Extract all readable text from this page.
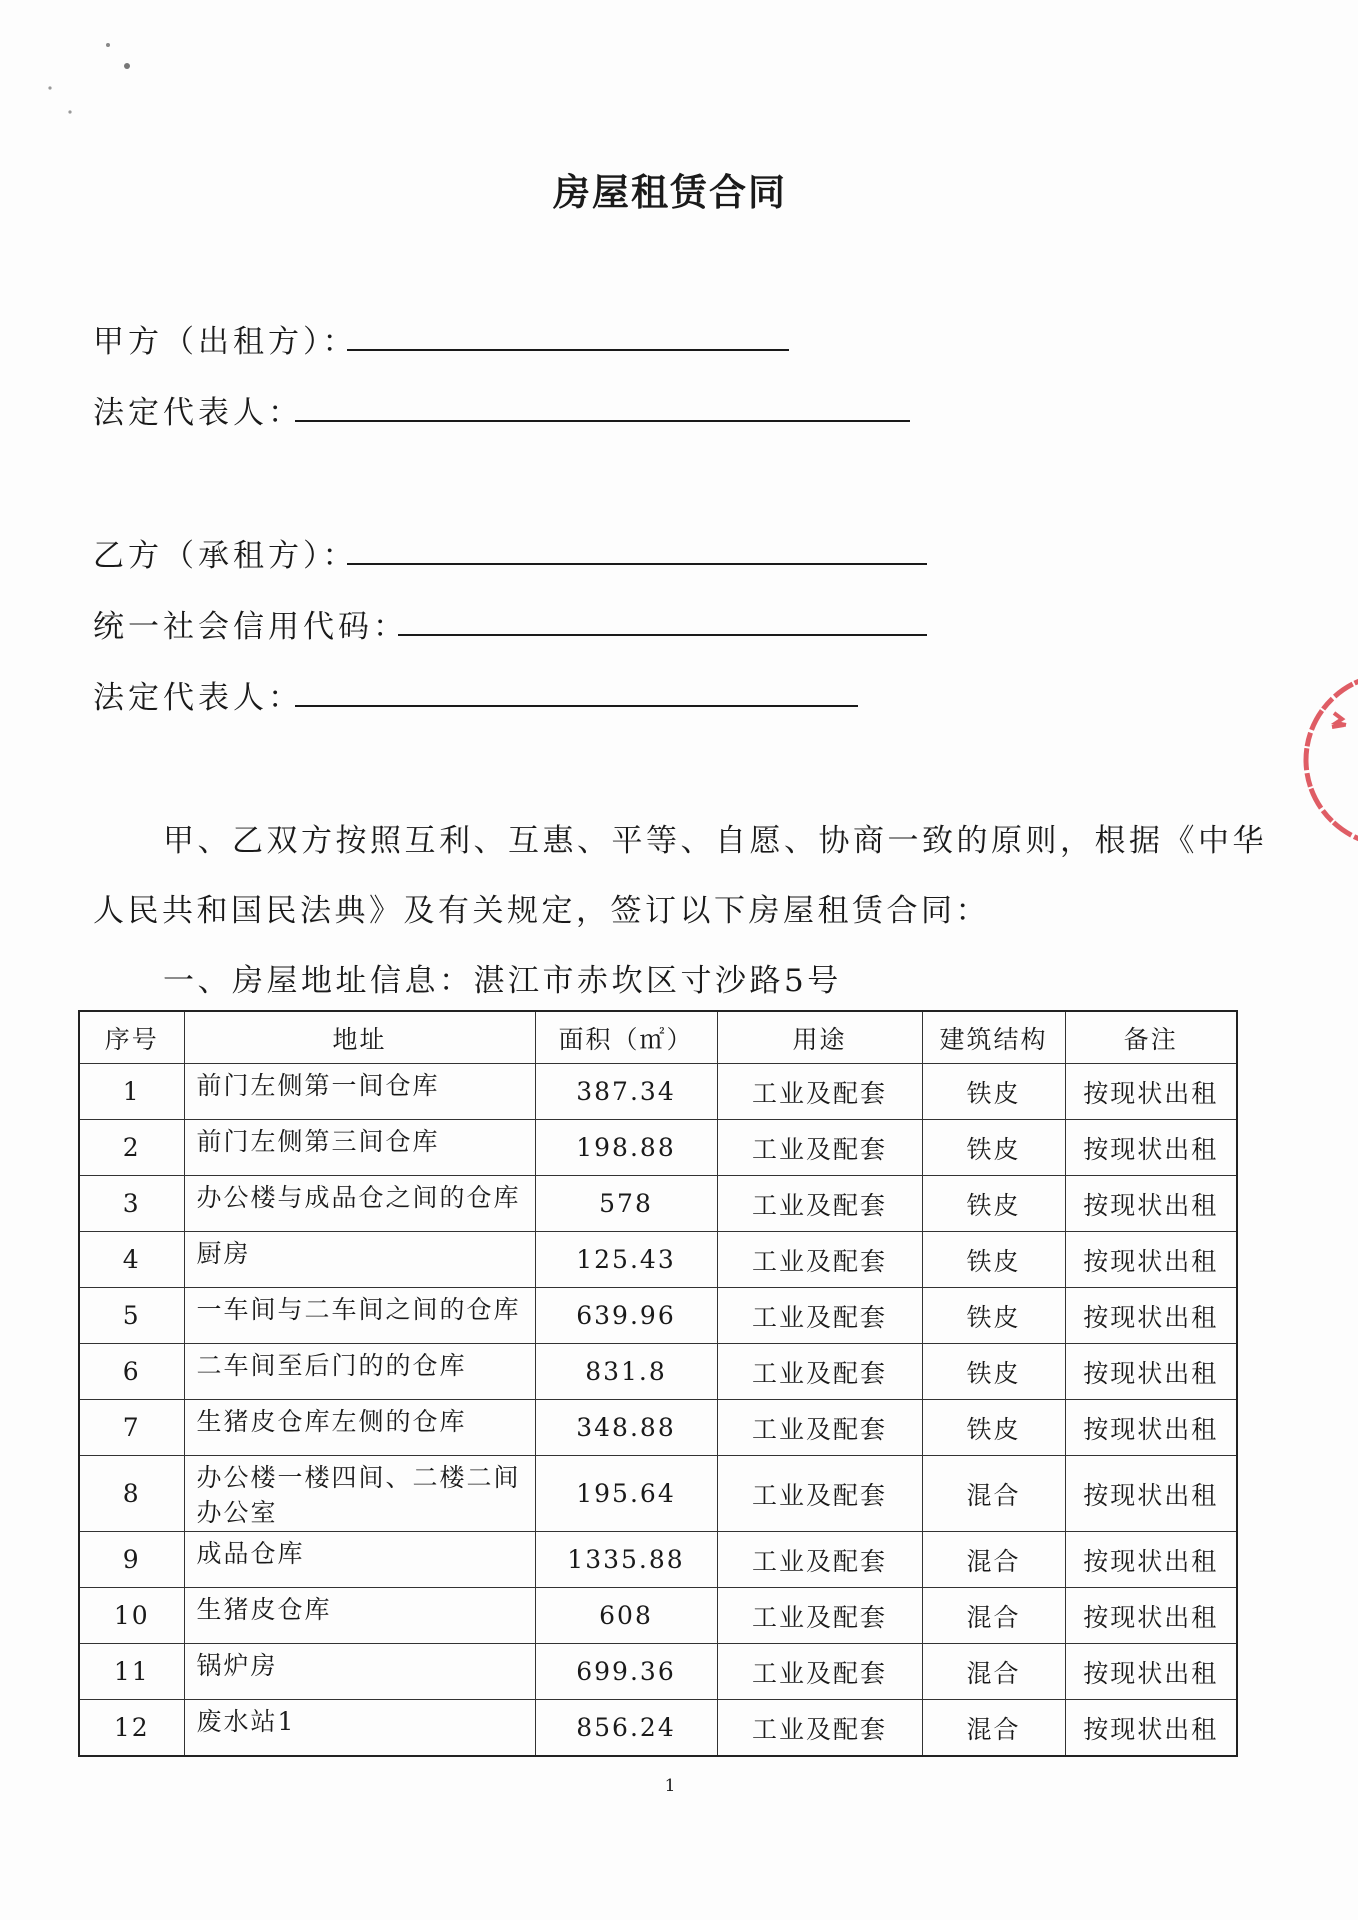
房屋租赁合同
甲方（出租方）：
法定代表人：
乙方（承租方）：
统一社会信用代码：
法定代表人：
甲、乙双方按照互利、互惠、平等、自愿、协商一致的原则，根据《中华
人民共和国民法典》及有关规定，签订以下房屋租赁合同：
一、房屋地址信息：湛江市赤坎区寸沙路5号
序号	地址	面积（㎡）	用途	建筑结构	备注
1	前门左侧第一间仓库	387.34	工业及配套	铁皮	按现状出租
2	前门左侧第三间仓库	198.88	工业及配套	铁皮	按现状出租
3	办公楼与成品仓之间的仓库	578	工业及配套	铁皮	按现状出租
4	厨房	125.43	工业及配套	铁皮	按现状出租
5	一车间与二车间之间的仓库	639.96	工业及配套	铁皮	按现状出租
6	二车间至后门的的仓库	831.8	工业及配套	铁皮	按现状出租
7	生猪皮仓库左侧的仓库	348.88	工业及配套	铁皮	按现状出租
8	办公楼一楼四间、二楼二间
办公室	195.64	工业及配套	混合	按现状出租
9	成品仓库	1335.88	工业及配套	混合	按现状出租
10	生猪皮仓库	608	工业及配套	混合	按现状出租
11	锅炉房	699.36	工业及配套	混合	按现状出租
12	废水站1	856.24	工业及配套	混合	按现状出租
1
